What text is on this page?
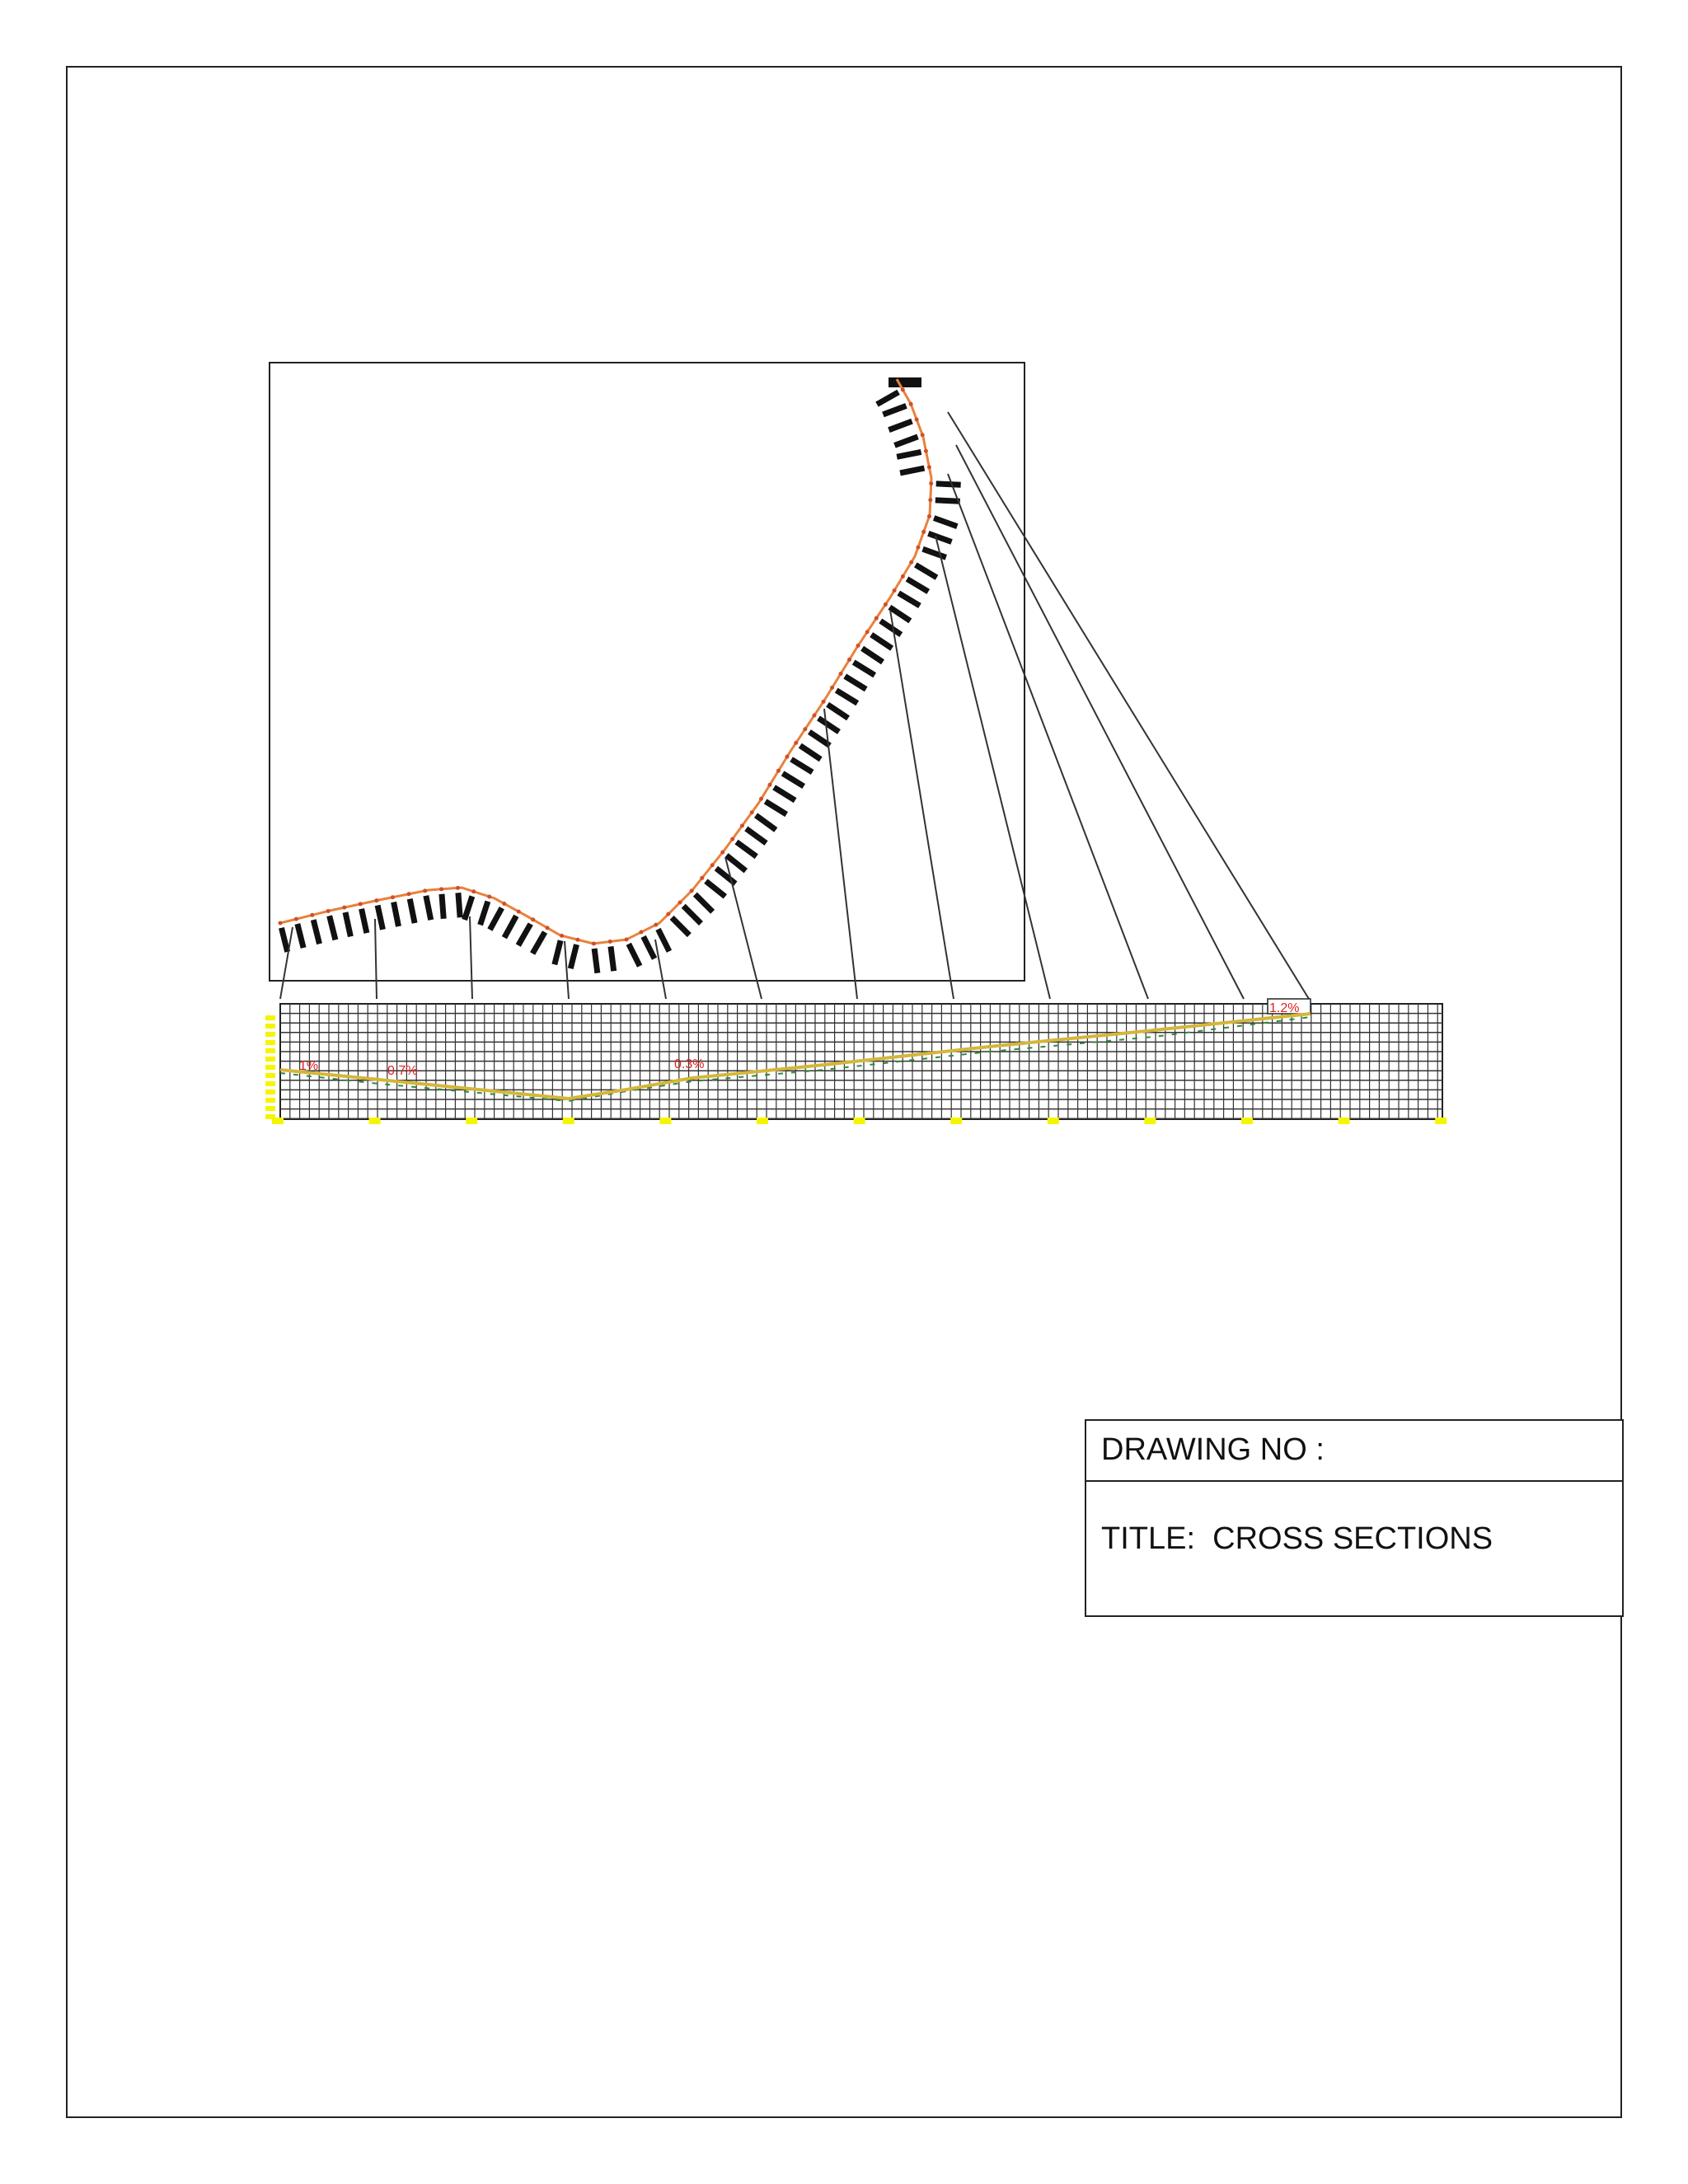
1%	0.7%	0.3%
1.2%
DRAWING NO :
TITLE:  CROSS SECTIONS
